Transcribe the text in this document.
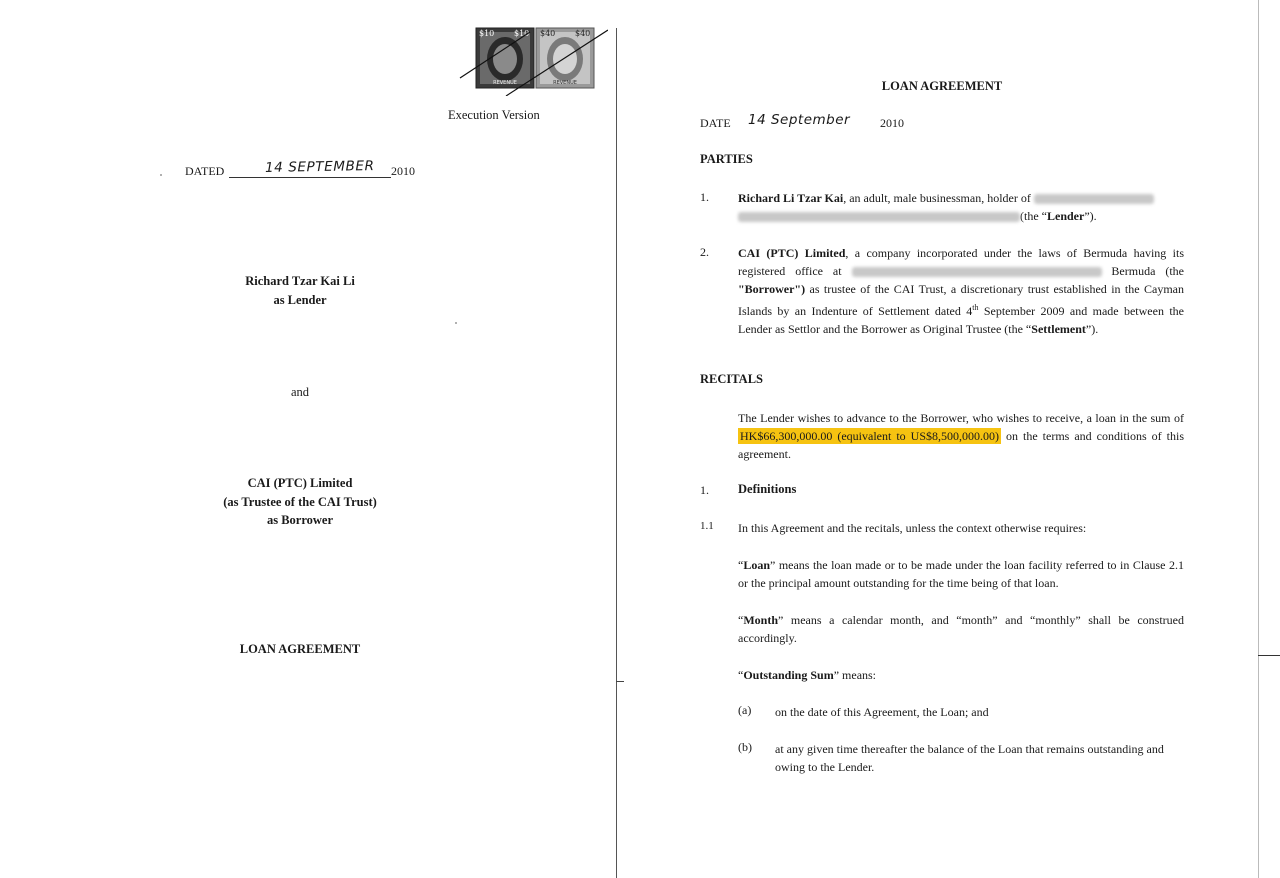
$10 $10 $40 $40
REVENUE	REVENUE
Execution Version
DATED	14 SEPTEMBER 2010
Richard Tzar Kai Li
as Lender
and
CAI (PTC) Limited
(as Trustee of the CAI Trust)
as Borrower
LOAN AGREEMENT
LOAN AGREEMENT
DATE 14 September 2010
PARTIES
1. Richard Li Tzar Kai, an adult, male businessman, holder of
(the “Lender”).
2. CAI (PTC) Limited, a company incorporated under the laws of Bermuda having its registered office at	Bermuda (the "Borrower") as trustee of the CAI Trust, a discretionary trust established in the Cayman Islands by an Indenture of Settlement dated 4th September 2009 and made between the Lender as Settlor and the Borrower as Original Trustee (the “Settlement”).
RECITALS
The Lender wishes to advance to the Borrower, who wishes to receive, a loan in the sum of HK$66,300,000.00 (equivalent to US$8,500,000.00) on the terms and conditions of this agreement.
1. Definitions
1.1 In this Agreement and the recitals, unless the context otherwise requires:
“Loan” means the loan made or to be made under the loan facility referred to in Clause 2.1 or the principal amount outstanding for the time being of that loan.
“Month” means a calendar month, and “month” and “monthly” shall be construed accordingly.
“Outstanding Sum” means:
(a) on the date of this Agreement, the Loan; and
(b) at any given time thereafter the balance of the Loan that remains outstanding and owing to the Lender.
